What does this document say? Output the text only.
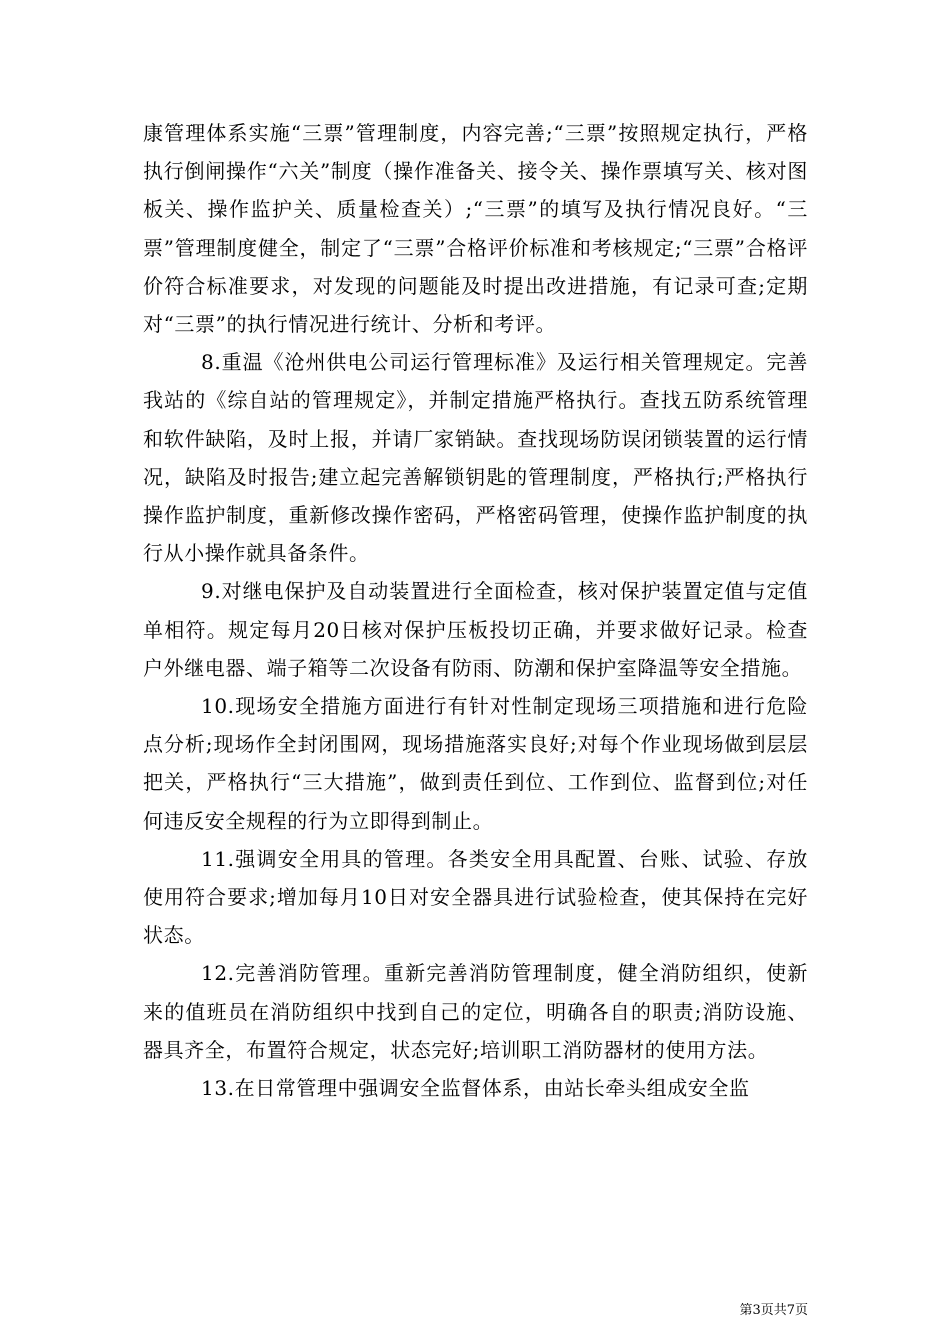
康管理体系实施“三票”管理制度，内容完善;“三票”按照规定执行，严格执行倒闸操作“六关”制度（操作准备关、接令关、操作票填写关、核对图板关、操作监护关、质量检查关）;“三票”的填写及执行情况良好。“三票”管理制度健全，制定了“三票”合格评价标准和考核规定;“三票”合格评价符合标准要求，对发现的问题能及时提出改进措施，有记录可查;定期对“三票”的执行情况进行统计、分析和考评。

8.重温《沧州供电公司运行管理标准》及运行相关管理规定。完善我站的《综自站的管理规定》，并制定措施严格执行。查找五防系统管理和软件缺陷，及时上报，并请厂家销缺。查找现场防误闭锁装置的运行情况，缺陷及时报告;建立起完善解锁钥匙的管理制度，严格执行;严格执行操作监护制度，重新修改操作密码，严格密码管理，使操作监护制度的执行从小操作就具备条件。

9.对继电保护及自动装置进行全面检查，核对保护装置定值与定值单相符。规定每月20日核对保护压板投切正确，并要求做好记录。检查户外继电器、端子箱等二次设备有防雨、防潮和保护室降温等安全措施。

10.现场安全措施方面进行有针对性制定现场三项措施和进行危险点分析;现场作全封闭围网，现场措施落实良好;对每个作业现场做到层层把关，严格执行“三大措施”，做到责任到位、工作到位、监督到位;对任何违反安全规程的行为立即得到制止。

11.强调安全用具的管理。各类安全用具配置、台账、试验、存放使用符合要求;增加每月10日对安全器具进行试验检查，使其保持在完好状态。

12.完善消防管理。重新完善消防管理制度，健全消防组织，使新来的值班员在消防组织中找到自己的定位，明确各自的职责;消防设施、器具齐全，布置符合规定，状态完好;培训职工消防器材的使用方法。

13.在日常管理中强调安全监督体系，由站长牵头组成安全监

第3页共7页
